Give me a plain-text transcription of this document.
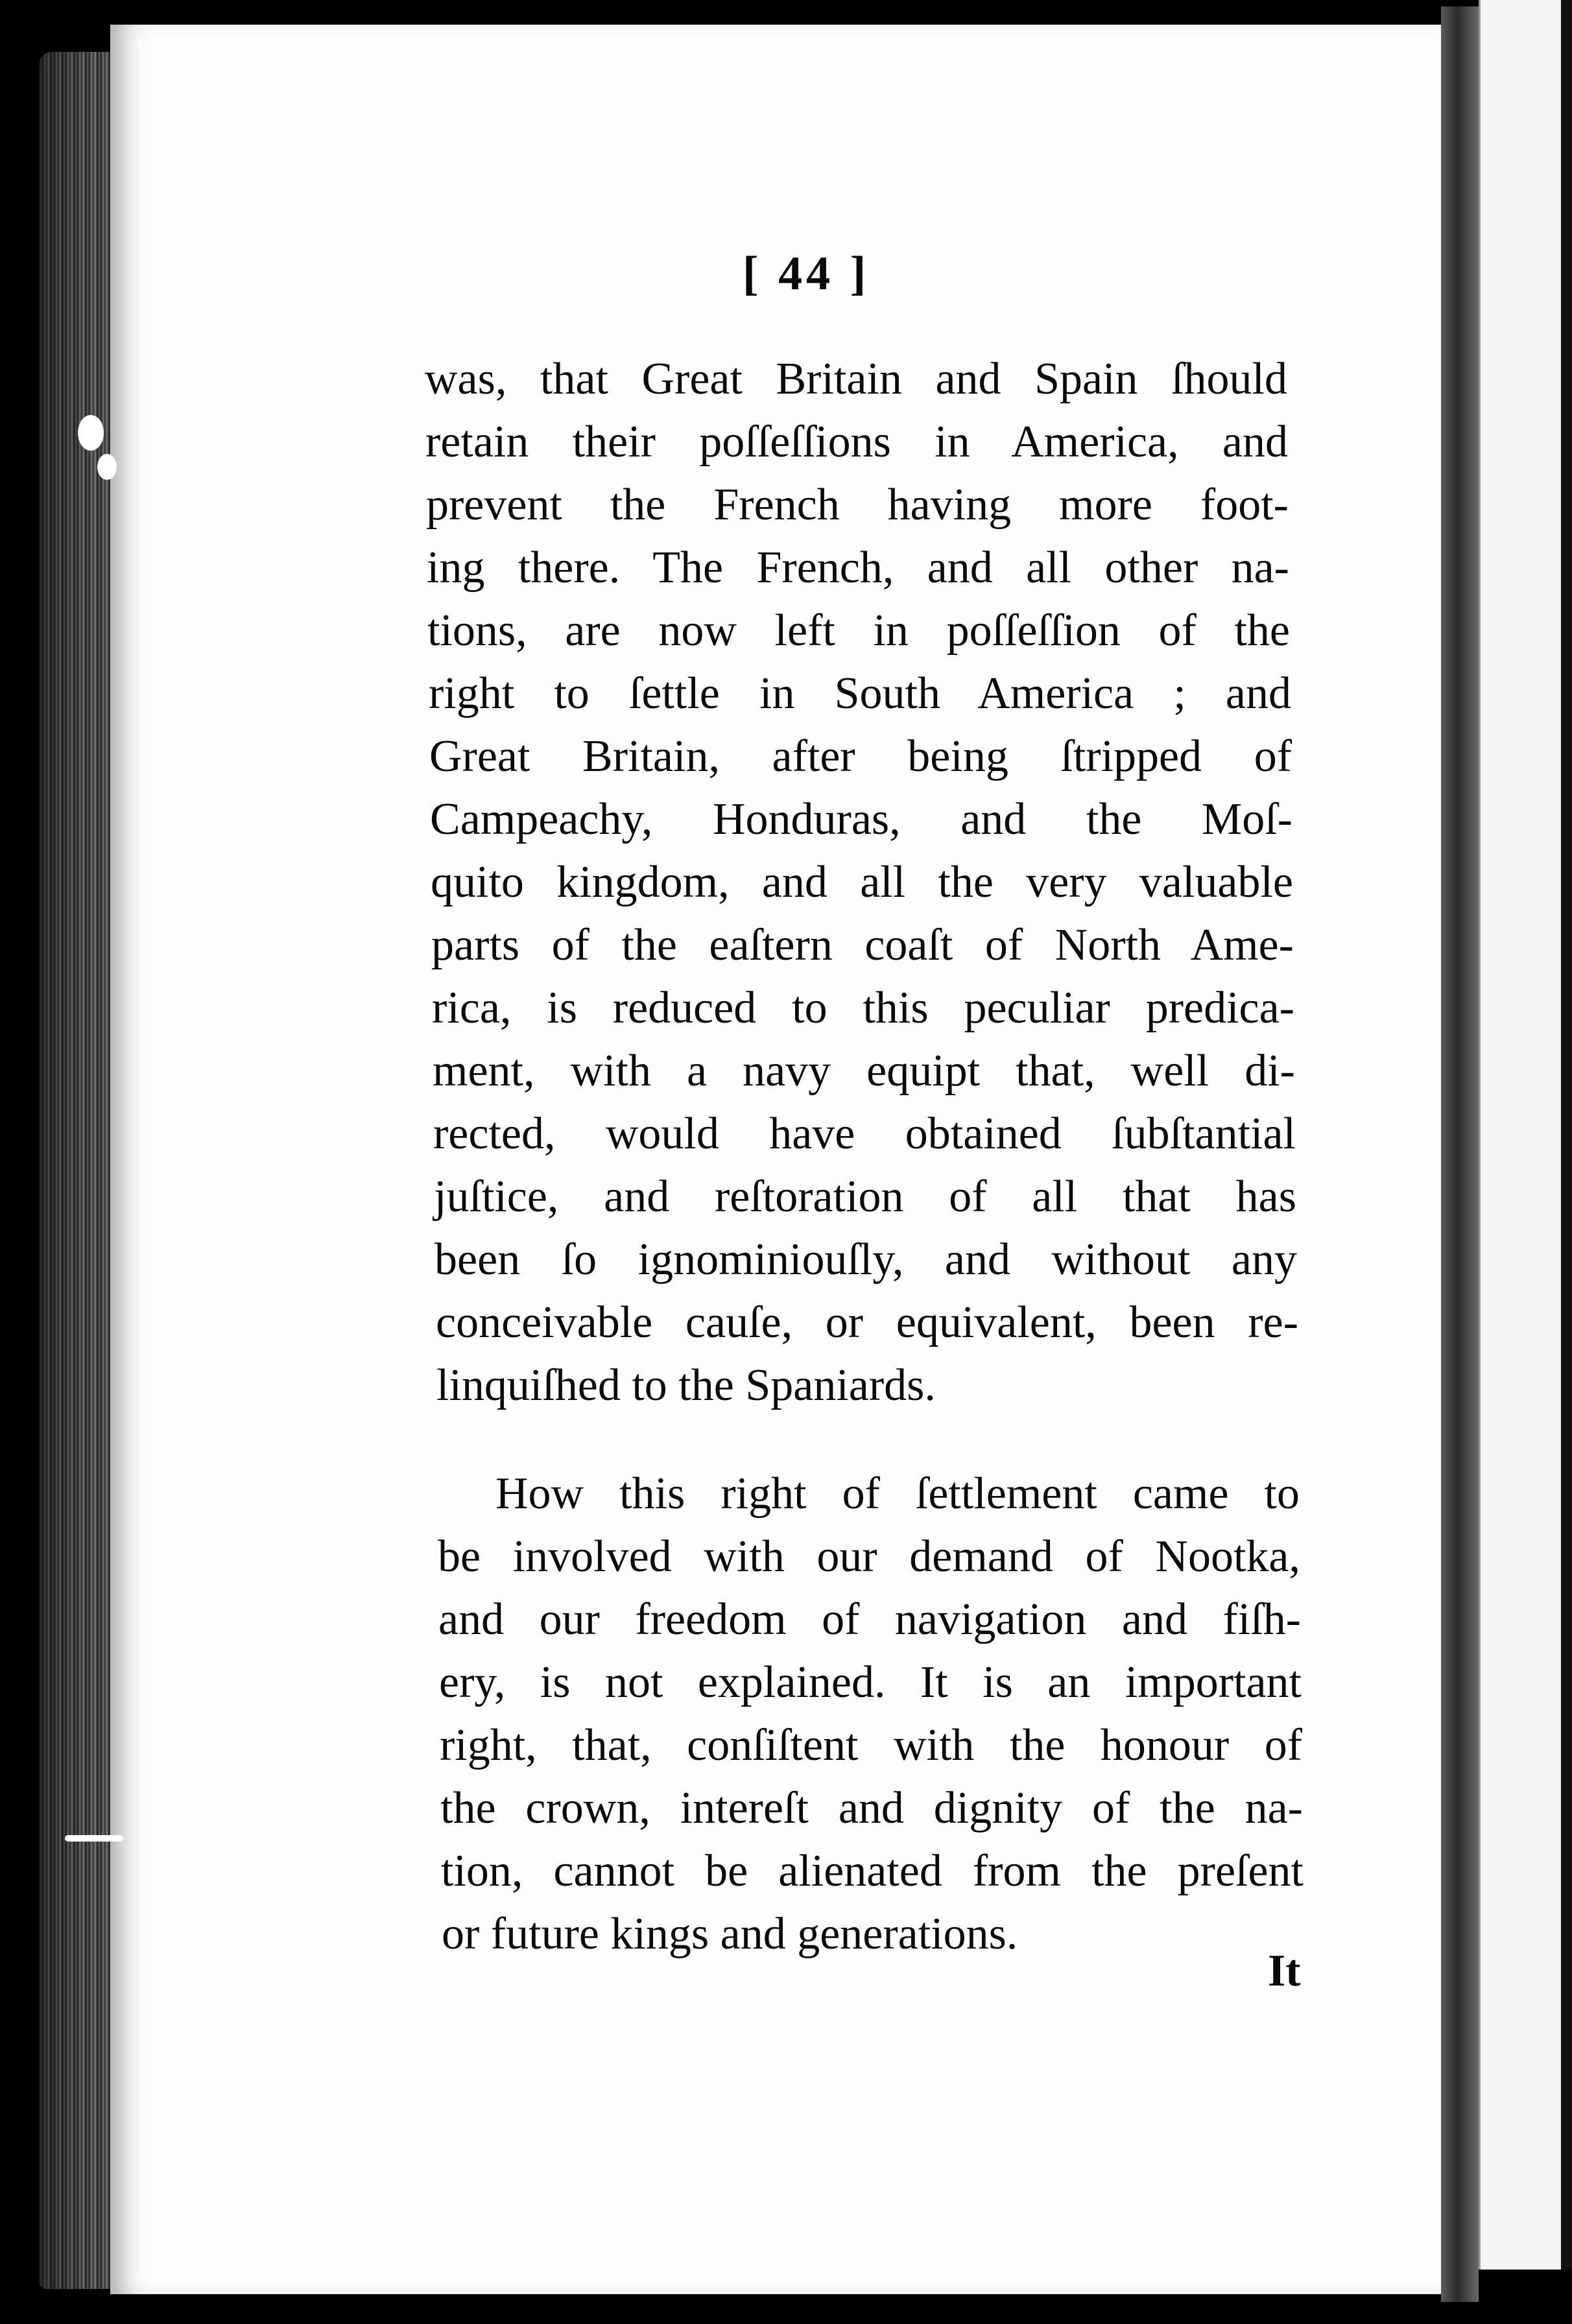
[ 44 ]
was, that Great Britain and Spain ſhould
retain their poſſeſſions in America, and
prevent the French having more foot-
ing there. The French, and all other na-
tions, are now left in poſſeſſion of the
right to ſettle in South America ; and
Great Britain, after being ſtripped of
Campeachy, Honduras, and the Moſ-
quito kingdom, and all the very valuable
parts of the eaſtern coaſt of North Ame-
rica, is reduced to this peculiar predica-
ment, with a navy equipt that, well di-
rected, would have obtained ſubſtantial
juſtice, and reſtoration of all that has
been ſo ignominiouſly, and without any
conceivable cauſe, or equivalent, been re-
linquiſhed to the Spaniards.
How this right of ſettlement came to
be involved with our demand of Nootka,
and our freedom of navigation and fiſh-
ery, is not explained. It is an important
right, that, conſiſtent with the honour of
the crown, intereſt and dignity of the na-
tion, cannot be alienated from the preſent
or future kings and generations.
It
